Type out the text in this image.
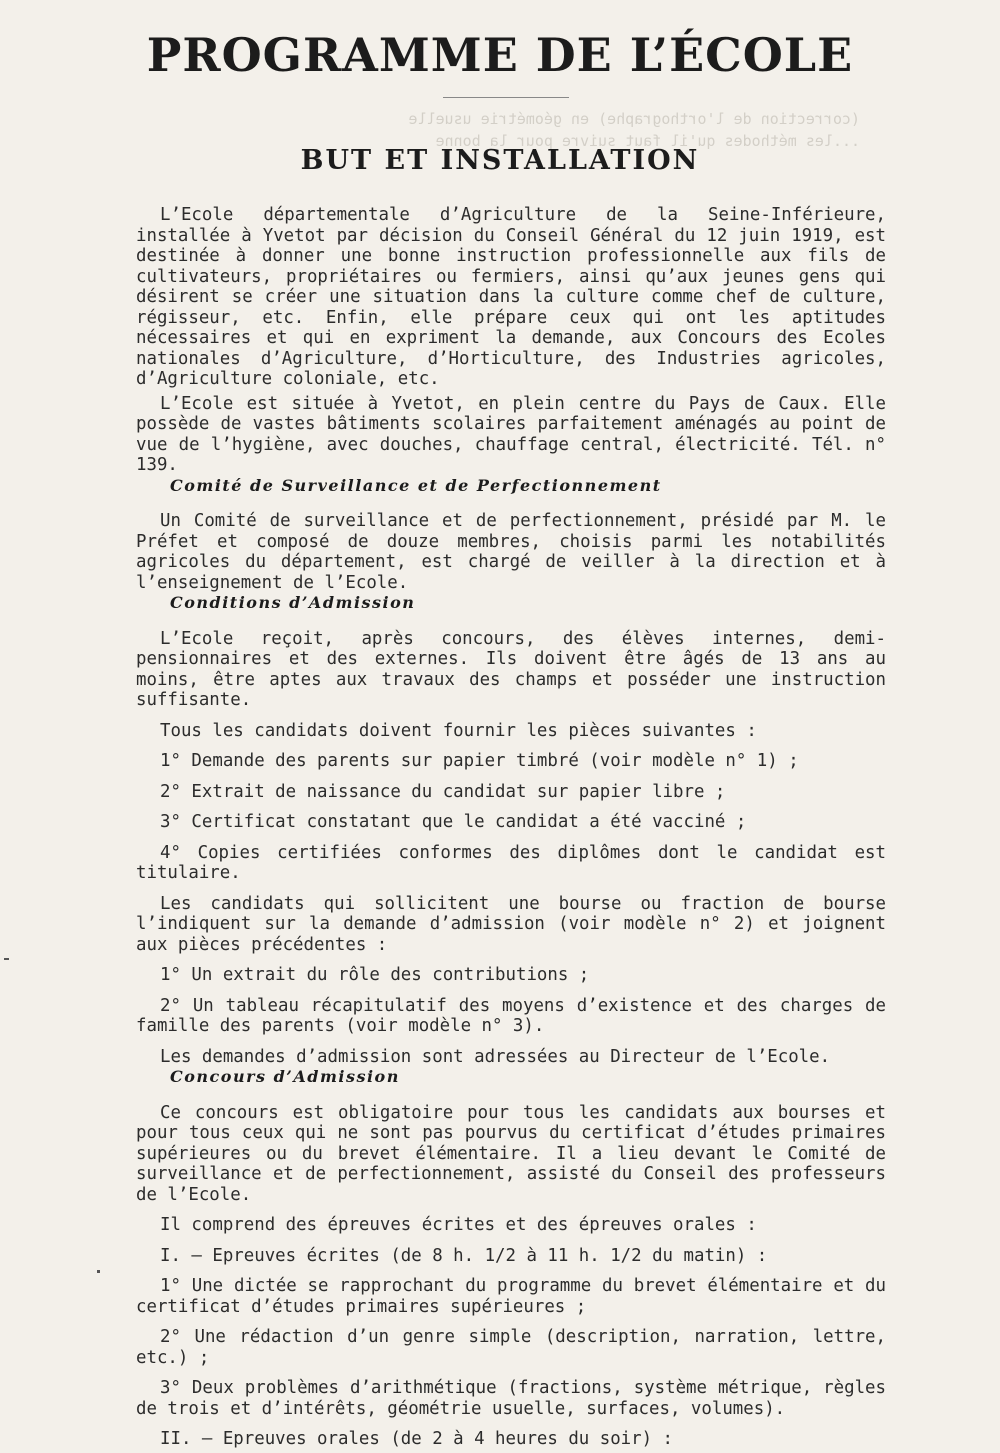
PROGRAMME DE L’ÉCOLE
(correction de l'orthographe) en géométrie usuelle
...les méthodes qu'il faut suivre pour la bonne
BUT ET INSTALLATION

L’Ecole départementale d’Agriculture de la Seine-Inférieure, installée à Yvetot par décision du Conseil Général du 12 juin 1919, est destinée à donner une bonne instruction professionnelle aux fils de cultivateurs, propriétaires ou fermiers, ainsi qu’aux jeunes gens qui désirent se créer une situation dans la culture comme chef de culture, régisseur, etc. Enfin, elle prépare ceux qui ont les aptitudes nécessaires et qui en expriment la demande, aux Concours des Ecoles nationales d’Agriculture, d’Horticulture, des Industries agricoles, d’Agriculture coloniale, etc.

L’Ecole est située à Yvetot, en plein centre du Pays de Caux. Elle possède de vastes bâtiments scolaires parfaitement aménagés au point de vue de l’hygiène, avec douches, chauffage central, électricité. Tél. n° 139.

Comité de Surveillance et de Perfectionnement

Un Comité de surveillance et de perfectionnement, présidé par M. le Préfet et composé de douze membres, choisis parmi les notabilités agricoles du département, est chargé de veiller à la direction et à l’enseignement de l’Ecole.

Conditions d’Admission

L’Ecole reçoit, après concours, des élèves internes, demi-pensionnaires et des externes. Ils doivent être âgés de 13 ans au moins, être aptes aux travaux des champs et posséder une instruction suffisante.

Tous les candidats doivent fournir les pièces suivantes :

1° Demande des parents sur papier timbré (voir modèle n° 1) ;

2° Extrait de naissance du candidat sur papier libre ;

3° Certificat constatant que le candidat a été vacciné ;

4° Copies certifiées conformes des diplômes dont le candidat est titulaire.

Les candidats qui sollicitent une bourse ou fraction de bourse l’indiquent sur la demande d’admission (voir modèle n° 2) et joignent aux pièces précédentes :

1° Un extrait du rôle des contributions ;

2° Un tableau récapitulatif des moyens d’existence et des charges de famille des parents (voir modèle n° 3).

Les demandes d’admission sont adressées au Directeur de l’Ecole.

Concours d’Admission

Ce concours est obligatoire pour tous les candidats aux bourses et pour tous ceux qui ne sont pas pourvus du certificat d’études primaires supérieures ou du brevet élémentaire. Il a lieu devant le Comité de surveillance et de perfectionnement, assisté du Conseil des professeurs de l’Ecole.

Il comprend des épreuves écrites et des épreuves orales :

I. — Epreuves écrites (de 8 h. 1/2 à 11 h. 1/2 du matin) :

1° Une dictée se rapprochant du programme du brevet élémentaire et du certificat d’études primaires supérieures ;

2° Une rédaction d’un genre simple (description, narration, lettre, etc.) ;

3° Deux problèmes d’arithmétique (fractions, système métrique, règles de trois et d’intérêts, géométrie usuelle, surfaces, volumes).

II. — Epreuves orales (de 2 à 4 heures du soir) :
